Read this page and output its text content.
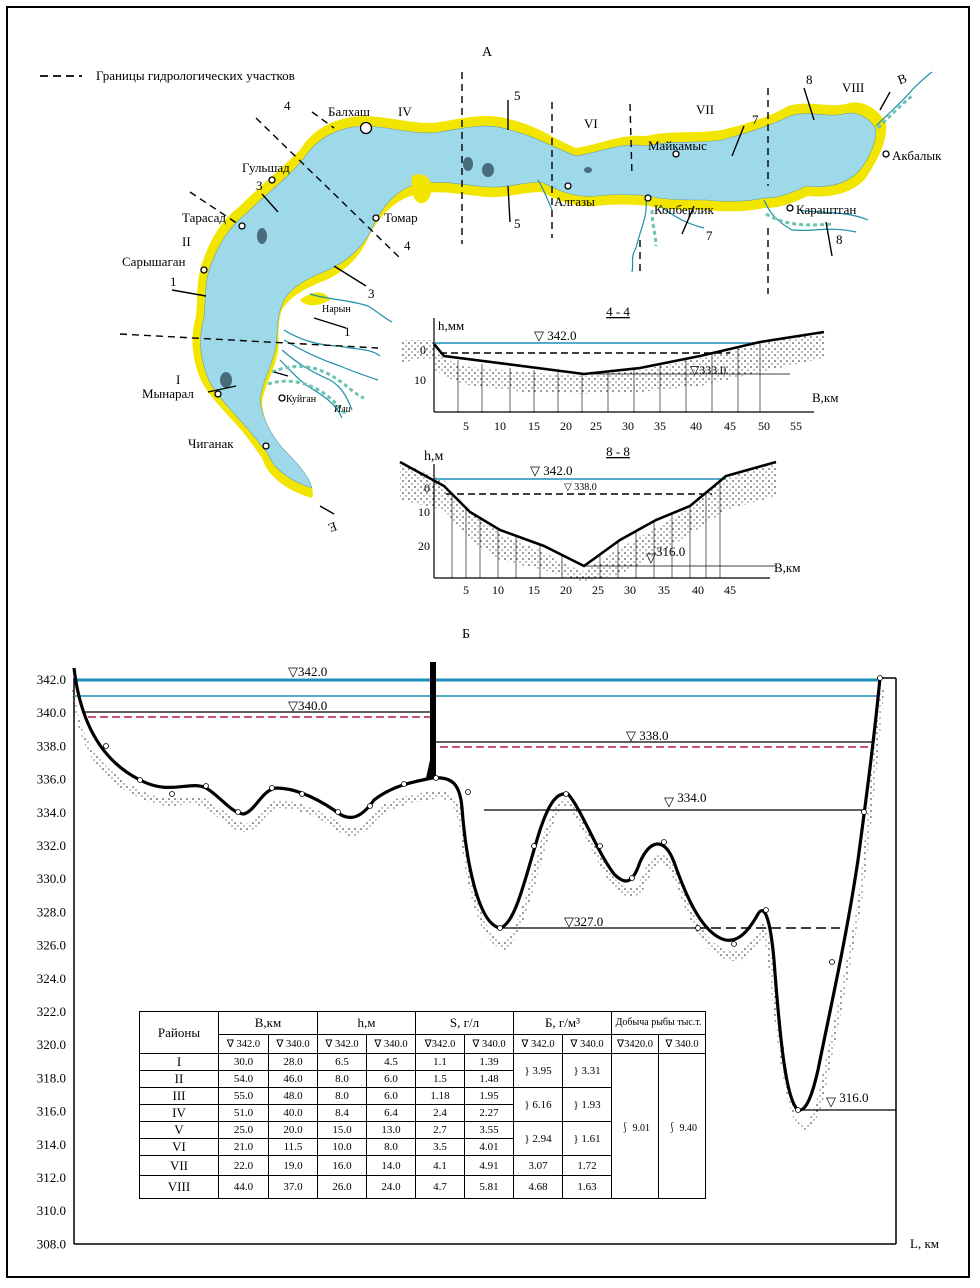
А
Границы гидрологических участков
Балхаш
Гульшад
Тарасад
Сарышаган
Мынарал
Чиганак
Томар
Алгазы
Майкамыс
Копберлик	Караштган
Акбалык
Нарын
Куйган
Или
I
II
IV
VI
VII
VIII
1
1
3
3
4
4
5
5
7
7
8
8
Е
В
4 - 4
h,мм
▽ 342.0
▽333.0
0
10
5 10 15 20 25 30 35 40 45 50 55
В,км
8 - 8
h,м
▽ 342.0
▽ 338.0
▽316.0
0
10
20
5 10 15 20 25 30 35 40 45
В,км
Б
342.0
340.0
338.0
336.0
334.0
332.0
330.0
328.0
326.0
324.0
322.0
320.0
318.0
316.0
314.0
312.0
310.0
308.0
▽342.0
▽340.0
▽ 338.0
▽ 334.0
▽327.0
▽ 316.0
L, км
Районы	В,км		h,м		S, г/л		Б, г/м³		Добыча рыбы тыс.т.	
	∇ 342.0	∇ 340.0	∇ 342.0	∇ 340.0	∇342.0	∇ 340.0	∇ 342.0	∇ 340.0	∇3420.0	∇ 340.0
I	30.0	28.0	6.5	4.5	1.1	1.39	} 3.95	} 3.31	⎰ 9.01	⎰ 9.40
II	54.0	46.0	8.0	6.0	1.5	1.48				
III	55.0	48.0	8.0	6.0	1.18	1.95	} 6.16	} 1.93		
IV	51.0	40.0	8.4	6.4	2.4	2.27				
V	25.0	20.0	15.0	13.0	2.7	3.55	} 2.94	} 1.61		
VI	21.0	11.5	10.0	8.0	3.5	4.01				
VII	22.0	19.0	16.0	14.0	4.1	4.91	3.07	1.72		
VIII	44.0	37.0	26.0	24.0	4.7	5.81	4.68	1.63		
